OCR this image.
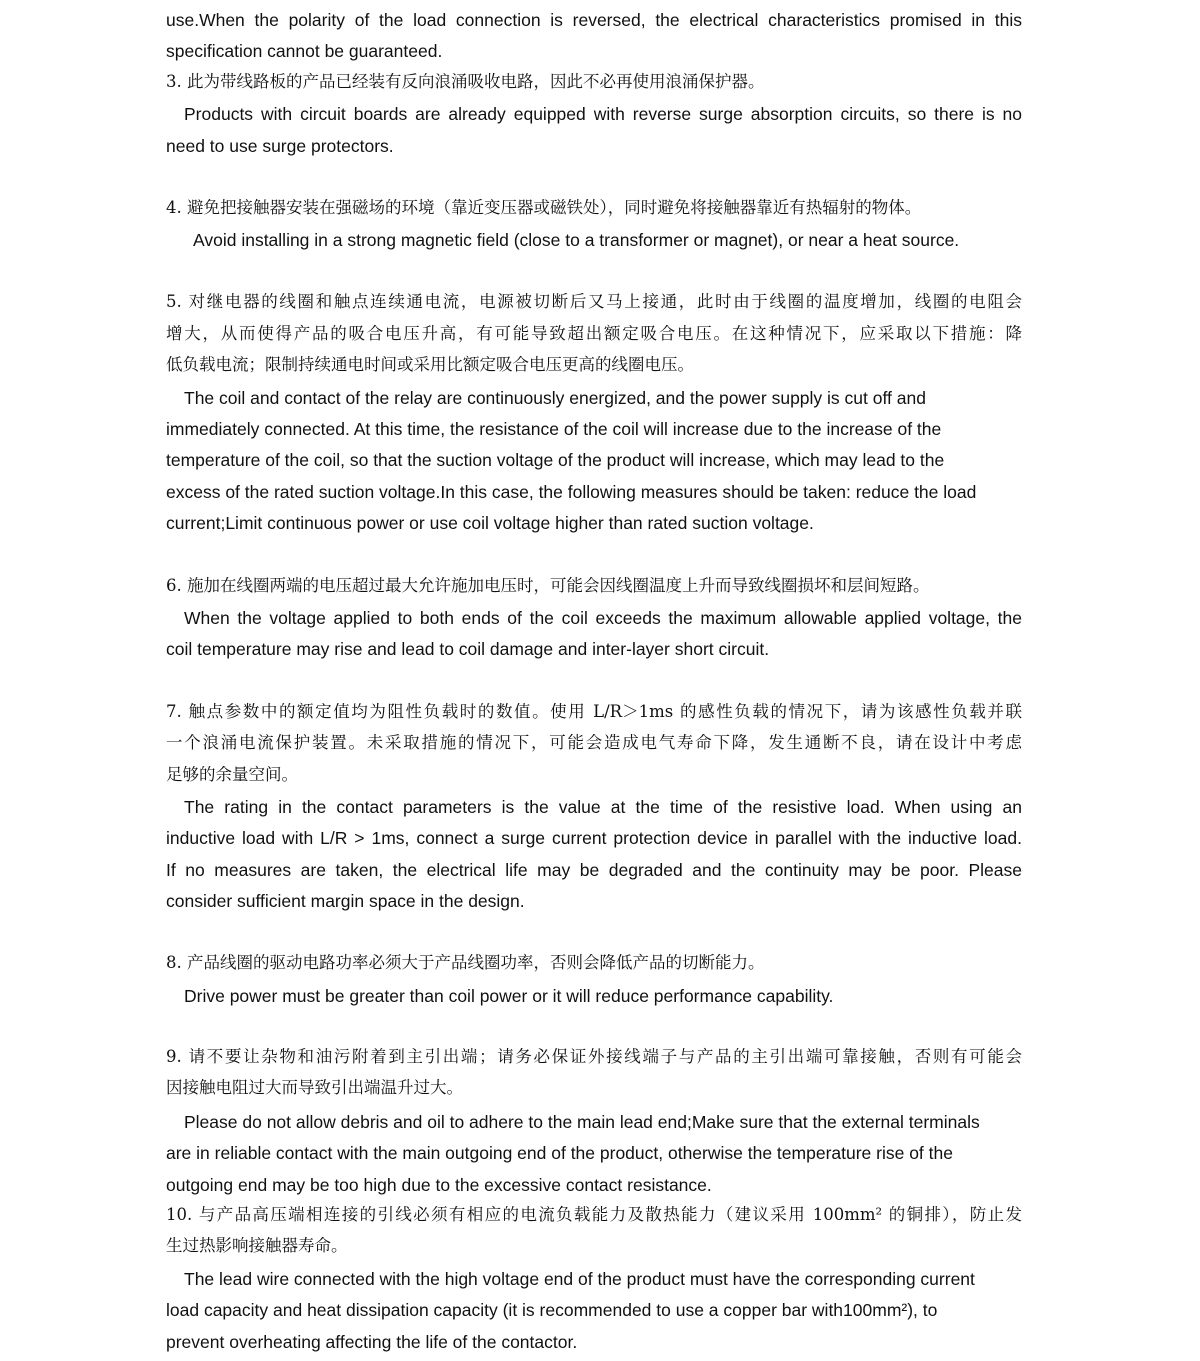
use.When the polarity of the load connection is reversed, the electrical characteristics promised in this

specification cannot be guaranteed.

3. 此为带线路板的产品已经装有反向浪涌吸收电路，因此不必再使用浪涌保护器。

Products with circuit boards are already equipped with reverse surge absorption circuits, so there is no

need to use surge protectors.

4. 避免把接触器安装在强磁场的环境（靠近变压器或磁铁处），同时避免将接触器靠近有热辐射的物体。

Avoid installing in a strong magnetic field (close to a transformer or magnet), or near a heat source.

5. 对继电器的线圈和触点连续通电流，电源被切断后又马上接通，此时由于线圈的温度增加，线圈的电阻会

增大，从而使得产品的吸合电压升高，有可能导致超出额定吸合电压。在这种情况下，应采取以下措施：降

低负载电流；限制持续通电时间或采用比额定吸合电压更高的线圈电压。

The coil and contact of the relay are continuously energized, and the power supply is cut off and

immediately connected. At this time, the resistance of the coil will increase due to the increase of the

temperature of the coil, so that the suction voltage of the product will increase, which may lead to the

excess of the rated suction voltage.In this case, the following measures should be taken: reduce the load

current;Limit continuous power or use coil voltage higher than rated suction voltage.

6. 施加在线圈两端的电压超过最大允许施加电压时，可能会因线圈温度上升而导致线圈损坏和层间短路。

When the voltage applied to both ends of the coil exceeds the maximum allowable applied voltage, the

coil temperature may rise and lead to coil damage and inter-layer short circuit.

7. 触点参数中的额定值均为阻性负载时的数值。使用 L/R＞1ms 的感性负载的情况下，请为该感性负载并联

一个浪涌电流保护装置。未采取措施的情况下，可能会造成电气寿命下降，发生通断不良，请在设计中考虑

足够的余量空间。

The rating in the contact parameters is the value at the time of the resistive load. When using an

inductive load with L/R > 1ms, connect a surge current protection device in parallel with the inductive load.

If no measures are taken, the electrical life may be degraded and the continuity may be poor. Please

consider sufficient margin space in the design.

8. 产品线圈的驱动电路功率必须大于产品线圈功率，否则会降低产品的切断能力。

Drive power must be greater than coil power or it will reduce performance capability.

9. 请不要让杂物和油污附着到主引出端；请务必保证外接线端子与产品的主引出端可靠接触，否则有可能会

因接触电阻过大而导致引出端温升过大。

Please do not allow debris and oil to adhere to the main lead end;Make sure that the external terminals

are in reliable contact with the main outgoing end of the product, otherwise the temperature rise of the

outgoing end may be too high due to the excessive contact resistance.

10. 与产品高压端相连接的引线必须有相应的电流负载能力及散热能力（建议采用 100mm² 的铜排），防止发

生过热影响接触器寿命。

The lead wire connected with the high voltage end of the product must have the corresponding current

load capacity and heat dissipation capacity (it is recommended to use a copper bar with100mm²), to

prevent overheating affecting the life of the contactor.
